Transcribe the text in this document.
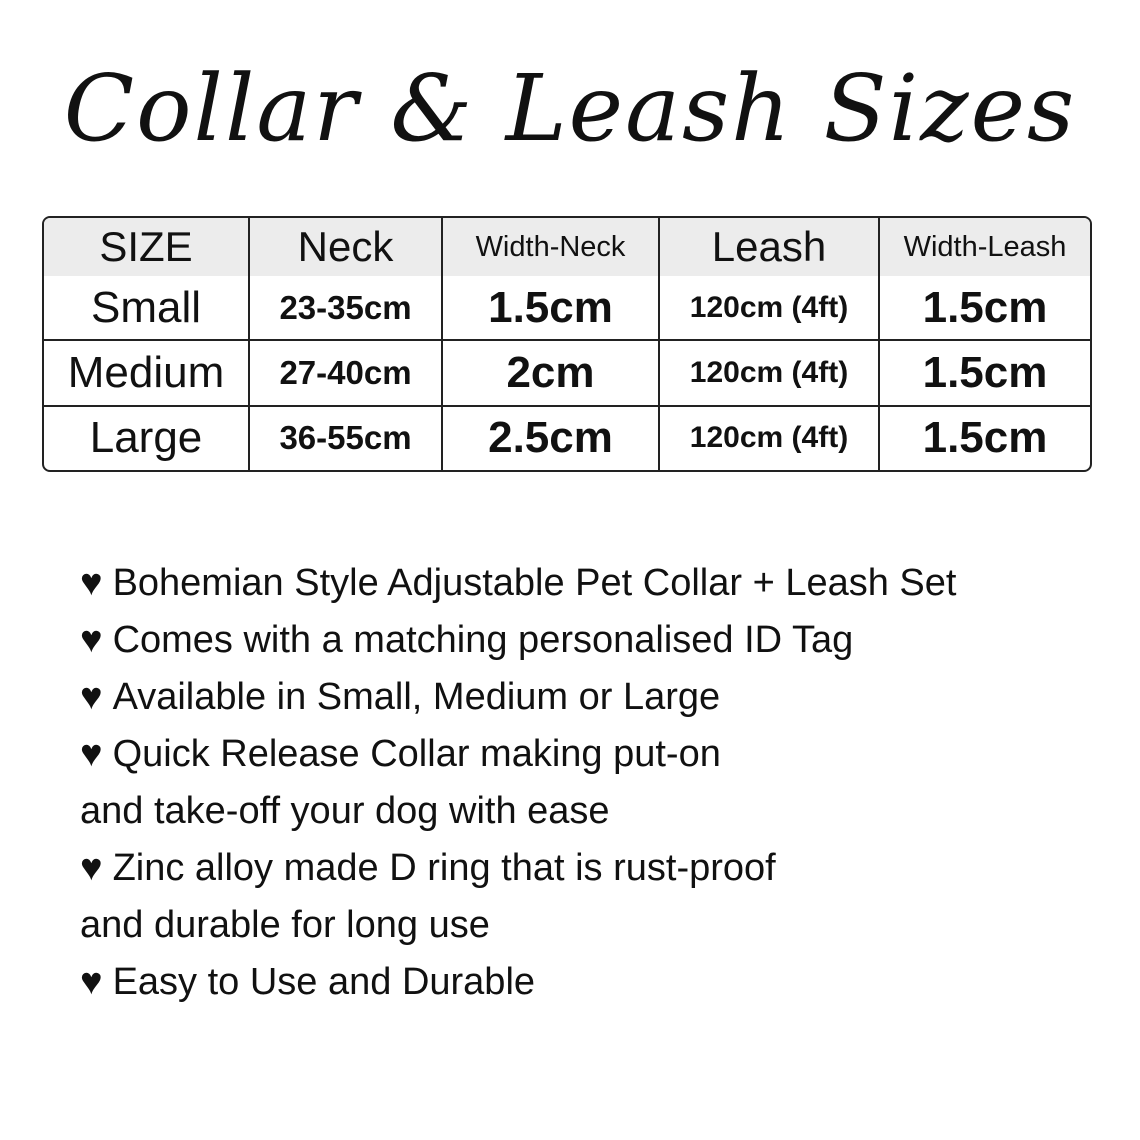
Collar & Leash Sizes
SIZE	Neck	Width-Neck	Leash	Width-Leash
Small	23-35cm	1.5cm	120cm (4ft)	1.5cm
Medium	27-40cm	2cm	120cm (4ft)	1.5cm
Large	36-55cm	2.5cm	120cm (4ft)	1.5cm
♥ Bohemian Style Adjustable Pet Collar + Leash Set
♥ Comes with a matching personalised ID Tag
♥ Available in Small, Medium or Large
♥ Quick Release Collar making put-on
and take-off your dog with ease
♥ Zinc alloy made D ring that is rust-proof
and durable for long use
♥ Easy to Use and Durable
